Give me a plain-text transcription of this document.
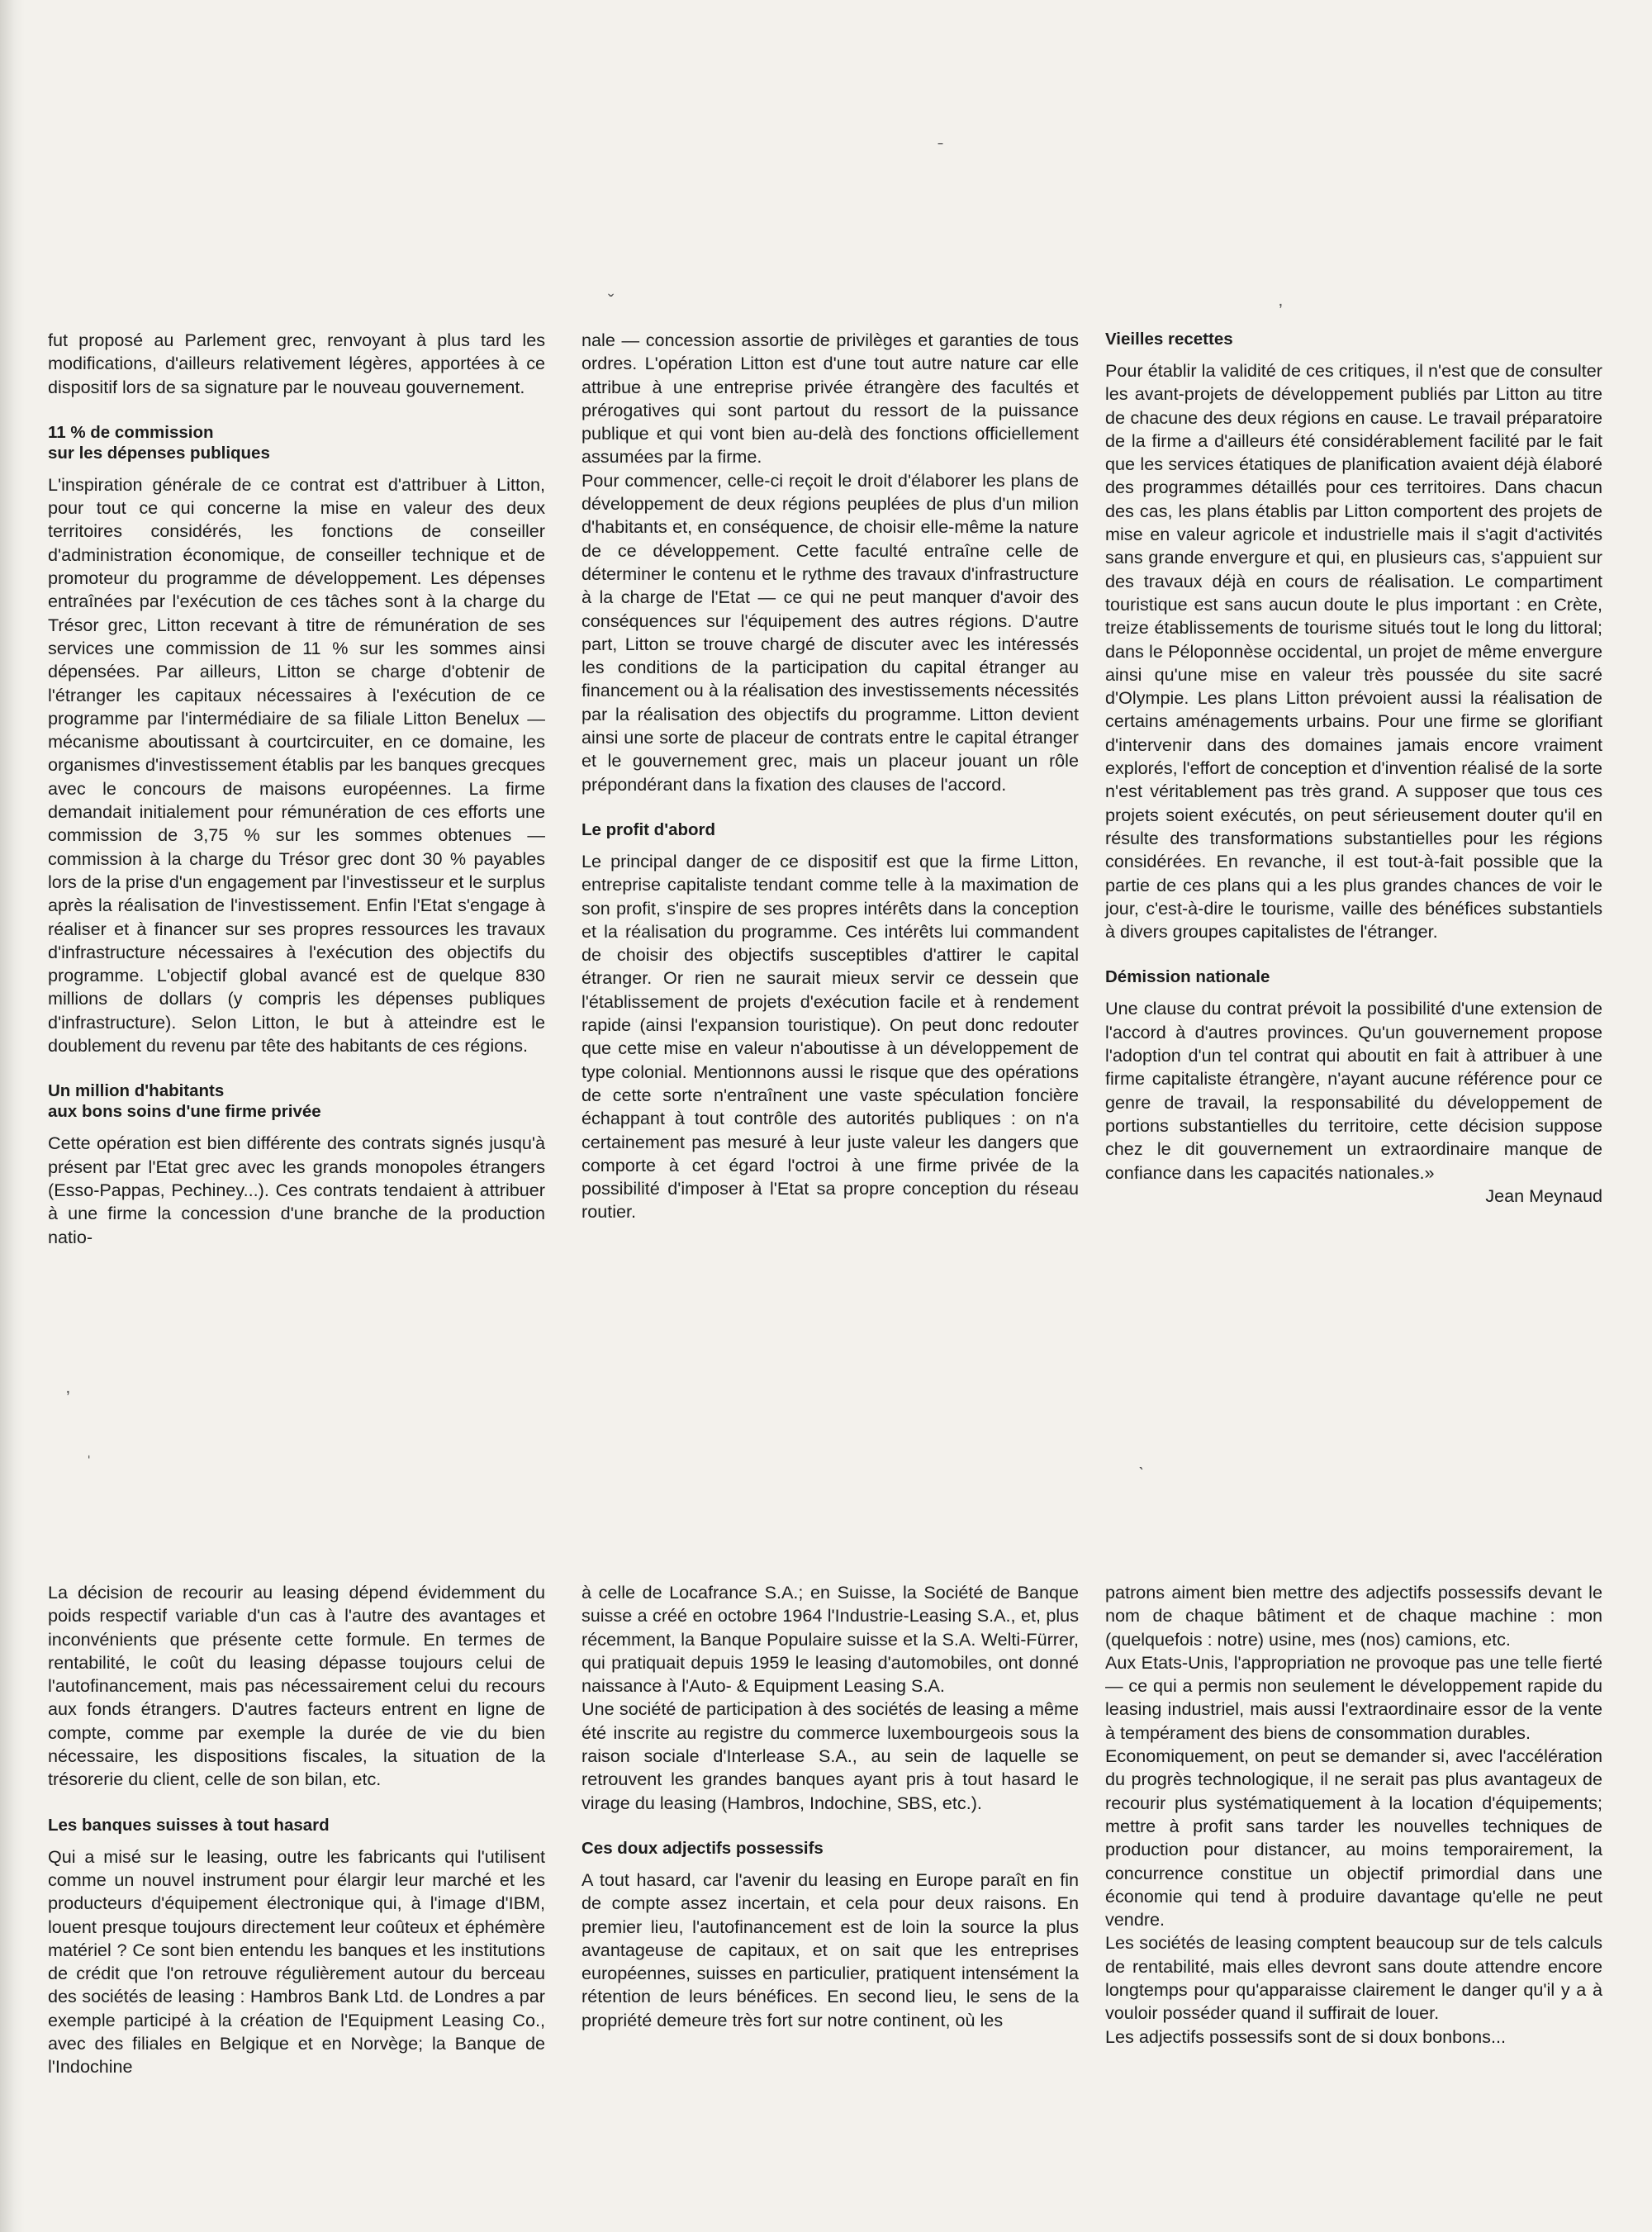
ˉ
ˇ	ʼ
ʼ
ˈ
ˋ

fut proposé au Parlement grec, renvoyant à plus tard les modifications, d'ailleurs relativement légères, apportées à ce dispositif lors de sa signature par le nouveau gouvernement.

11 % de commission
sur les dépenses publiques

L'inspiration générale de ce contrat est d'attribuer à Litton, pour tout ce qui concerne la mise en valeur des deux territoires considérés, les fonctions de conseiller d'administration économique, de conseiller technique et de promoteur du programme de développement. Les dépenses entraînées par l'exécution de ces tâches sont à la charge du Trésor grec, Litton recevant à titre de rémunération de ses services une commission de 11 % sur les sommes ainsi dépensées. Par ailleurs, Litton se charge d'obtenir de l'étranger les capitaux nécessaires à l'exécution de ce programme par l'intermédiaire de sa filiale Litton Benelux — mécanisme aboutissant à courtcircuiter, en ce domaine, les organismes d'investissement établis par les banques grecques avec le concours de maisons européennes. La firme demandait initialement pour rémunération de ces efforts une commission de 3,75 % sur les sommes obtenues — commission à la charge du Trésor grec dont 30 % payables lors de la prise d'un engagement par l'investisseur et le surplus après la réalisation de l'investissement. Enfin l'Etat s'engage à réaliser et à financer sur ses propres ressources les travaux d'infrastructure nécessaires à l'exécution des objectifs du programme. L'objectif global avancé est de quelque 830 millions de dollars (y compris les dépenses publiques d'infrastructure). Selon Litton, le but à atteindre est le doublement du revenu par tête des habitants de ces régions.

Un million d'habitants
aux bons soins d'une firme privée

Cette opération est bien différente des contrats signés jusqu'à présent par l'Etat grec avec les grands monopoles étrangers (Esso-Pappas, Pechiney...). Ces contrats tendaient à attribuer à une firme la concession d'une branche de la production natio-

nale — concession assortie de privilèges et garanties de tous ordres. L'opération Litton est d'une tout autre nature car elle attribue à une entreprise privée étrangère des facultés et prérogatives qui sont partout du ressort de la puissance publique et qui vont bien au-delà des fonctions officiellement assumées par la firme.

Pour commencer, celle-ci reçoit le droit d'élaborer les plans de développement de deux régions peuplées de plus d'un milion d'habitants et, en conséquence, de choisir elle-même la nature de ce développement. Cette faculté entraîne celle de déterminer le contenu et le rythme des travaux d'infrastructure à la charge de l'Etat — ce qui ne peut manquer d'avoir des conséquences sur l'équipement des autres régions. D'autre part, Litton se trouve chargé de discuter avec les intéressés les conditions de la participation du capital étranger au financement ou à la réalisation des investissements nécessités par la réalisation des objectifs du programme. Litton devient ainsi une sorte de placeur de contrats entre le capital étranger et le gouvernement grec, mais un placeur jouant un rôle prépondérant dans la fixation des clauses de l'accord.

Le profit d'abord

Le principal danger de ce dispositif est que la firme Litton, entreprise capitaliste tendant comme telle à la maximation de son profit, s'inspire de ses propres intérêts dans la conception et la réalisation du programme. Ces intérêts lui commandent de choisir des objectifs susceptibles d'attirer le capital étranger. Or rien ne saurait mieux servir ce dessein que l'établissement de projets d'exécution facile et à rendement rapide (ainsi l'expansion touristique). On peut donc redouter que cette mise en valeur n'aboutisse à un développement de type colonial. Mentionnons aussi le risque que des opérations de cette sorte n'entraînent une vaste spéculation foncière échappant à tout contrôle des autorités publiques : on n'a certainement pas mesuré à leur juste valeur les dangers que comporte à cet égard l'octroi à une firme privée de la possibilité d'imposer à l'Etat sa propre conception du réseau routier.

Vieilles recettes

Pour établir la validité de ces critiques, il n'est que de consulter les avant-projets de développement publiés par Litton au titre de chacune des deux régions en cause. Le travail préparatoire de la firme a d'ailleurs été considérablement facilité par le fait que les services étatiques de planification avaient déjà élaboré des programmes détaillés pour ces territoires. Dans chacun des cas, les plans établis par Litton comportent des projets de mise en valeur agricole et industrielle mais il s'agit d'activités sans grande envergure et qui, en plusieurs cas, s'appuient sur des travaux déjà en cours de réalisation. Le compartiment touristique est sans aucun doute le plus important : en Crète, treize établissements de tourisme situés tout le long du littoral; dans le Péloponnèse occidental, un projet de même envergure ainsi qu'une mise en valeur très poussée du site sacré d'Olympie. Les plans Litton prévoient aussi la réalisation de certains aménagements urbains. Pour une firme se glorifiant d'intervenir dans des domaines jamais encore vraiment explorés, l'effort de conception et d'invention réalisé de la sorte n'est véritablement pas très grand. A supposer que tous ces projets soient exécutés, on peut sérieusement douter qu'il en résulte des transformations substantielles pour les régions considérées. En revanche, il est tout-à-fait possible que la partie de ces plans qui a les plus grandes chances de voir le jour, c'est-à-dire le tourisme, vaille des bénéfices substantiels à divers groupes capitalistes de l'étranger.

Démission nationale

Une clause du contrat prévoit la possibilité d'une extension de l'accord à d'autres provinces. Qu'un gouvernement propose l'adoption d'un tel contrat qui aboutit en fait à attribuer à une firme capitaliste étrangère, n'ayant aucune référence pour ce genre de travail, la responsabilité du développement de portions substantielles du territoire, cette décision suppose chez le dit gouvernement un extraordinaire manque de confiance dans les capacités nationales.»

Jean Meynaud

La décision de recourir au leasing dépend évidemment du poids respectif variable d'un cas à l'autre des avantages et inconvénients que présente cette formule. En termes de rentabilité, le coût du leasing dépasse toujours celui de l'autofinancement, mais pas nécessairement celui du recours aux fonds étrangers. D'autres facteurs entrent en ligne de compte, comme par exemple la durée de vie du bien nécessaire, les dispositions fiscales, la situation de la trésorerie du client, celle de son bilan, etc.

Les banques suisses à tout hasard

Qui a misé sur le leasing, outre les fabricants qui l'utilisent comme un nouvel instrument pour élargir leur marché et les producteurs d'équipement électronique qui, à l'image d'IBM, louent presque toujours directement leur coûteux et éphémère matériel ? Ce sont bien entendu les banques et les institutions de crédit que l'on retrouve régulièrement autour du berceau des sociétés de leasing : Hambros Bank Ltd. de Londres a par exemple participé à la création de l'Equipment Leasing Co., avec des filiales en Belgique et en Norvège; la Banque de l'Indochine

à celle de Locafrance S.A.; en Suisse, la Société de Banque suisse a créé en octobre 1964 l'Industrie-Leasing S.A., et, plus récemment, la Banque Populaire suisse et la S.A. Welti-Fürrer, qui pratiquait depuis 1959 le leasing d'automobiles, ont donné naissance à l'Auto- & Equipment Leasing S.A.

Une société de participation à des sociétés de leasing a même été inscrite au registre du commerce luxembourgeois sous la raison sociale d'Interlease S.A., au sein de laquelle se retrouvent les grandes banques ayant pris à tout hasard le virage du leasing (Hambros, Indochine, SBS, etc.).

Ces doux adjectifs possessifs

A tout hasard, car l'avenir du leasing en Europe paraît en fin de compte assez incertain, et cela pour deux raisons. En premier lieu, l'autofinancement est de loin la source la plus avantageuse de capitaux, et on sait que les entreprises européennes, suisses en particulier, pratiquent intensément la rétention de leurs bénéfices. En second lieu, le sens de la propriété demeure très fort sur notre continent, où les

patrons aiment bien mettre des adjectifs possessifs devant le nom de chaque bâtiment et de chaque machine : mon (quelquefois : notre) usine, mes (nos) camions, etc.

Aux Etats-Unis, l'appropriation ne provoque pas une telle fierté — ce qui a permis non seulement le développement rapide du leasing industriel, mais aussi l'extraordinaire essor de la vente à tempérament des biens de consommation durables.

Economiquement, on peut se demander si, avec l'accélération du progrès technologique, il ne serait pas plus avantageux de recourir plus systématiquement à la location d'équipements; mettre à profit sans tarder les nouvelles techniques de production pour distancer, au moins temporairement, la concurrence constitue un objectif primordial dans une économie qui tend à produire davantage qu'elle ne peut vendre.

Les sociétés de leasing comptent beaucoup sur de tels calculs de rentabilité, mais elles devront sans doute attendre encore longtemps pour qu'apparaisse clairement le danger qu'il y a à vouloir posséder quand il suffirait de louer.

Les adjectifs possessifs sont de si doux bonbons...
